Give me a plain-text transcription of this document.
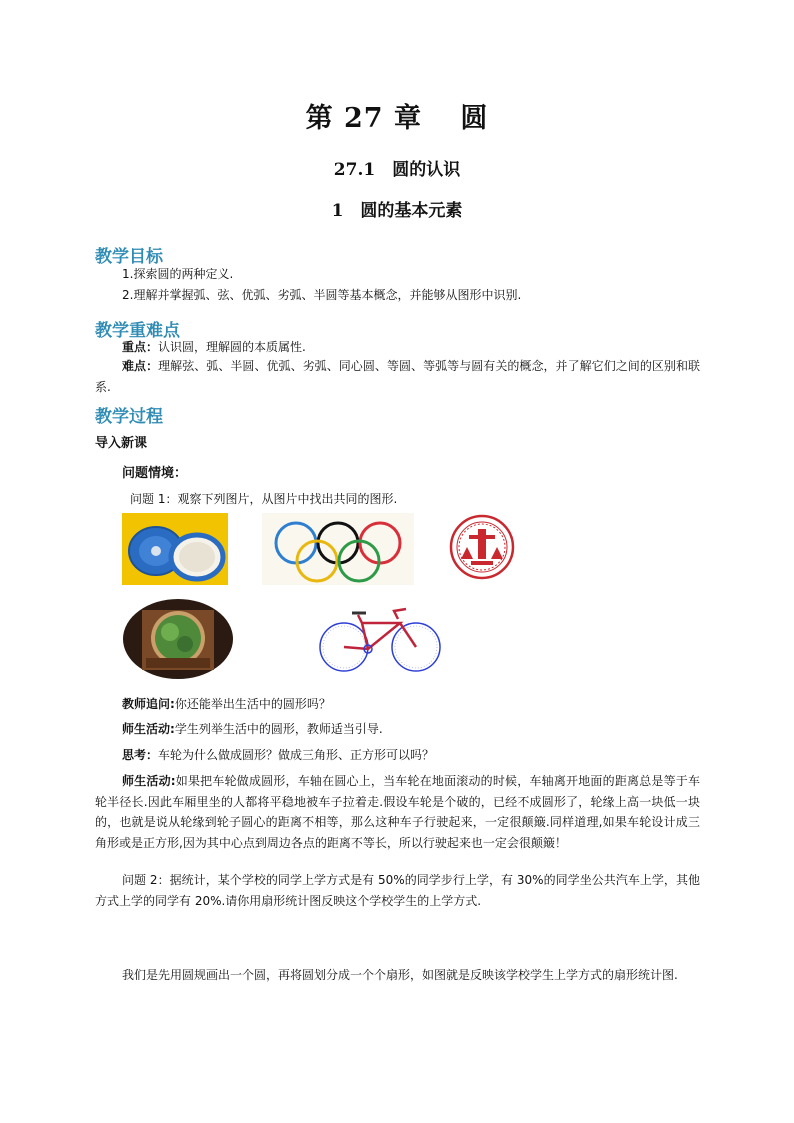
第 27 章　 圆
27.1　圆的认识
1　圆的基本元素
教学目标
1.探索圆的两种定义.
2.理解并掌握弧、弦、优弧、劣弧、半圆等基本概念，并能够从图形中识别.
教学重难点
重点：认识圆，理解圆的本质属性.
难点：理解弦、弧、半圆、优弧、劣弧、同心圆、等圆、等弧等与圆有关的概念，并了解它们之间的区别和联系.
教学过程
导入新课
问题情境：
问题 1：观察下列图片，从图片中找出共同的图形.
教师追问:你还能举出生活中的圆形吗？
师生活动:学生列举生活中的圆形，教师适当引导.
思考：车轮为什么做成圆形？做成三角形、正方形可以吗？
师生活动:如果把车轮做成圆形，车轴在圆心上，当车轮在地面滚动的时候，车轴离开地面的距离总是等于车轮半径长.因此车厢里坐的人都将平稳地被车子拉着走.假设车轮是个破的，已经不成圆形了，轮缘上高一块低一块的，也就是说从轮缘到轮子圆心的距离不相等，那么这种车子行驶起来，一定很颠簸.同样道理,如果车轮设计成三角形或是正方形,因为其中心点到周边各点的距离不等长，所以行驶起来也一定会很颠簸！
问题 2：据统计，某个学校的同学上学方式是有 50%的同学步行上学，有 30%的同学坐公共汽车上学，其他方式上学的同学有 20%.请你用扇形统计图反映这个学校学生的上学方式.
我们是先用圆规画出一个圆，再将圆划分成一个个扇形，如图就是反映该学校学生上学方式的扇形统计图.
